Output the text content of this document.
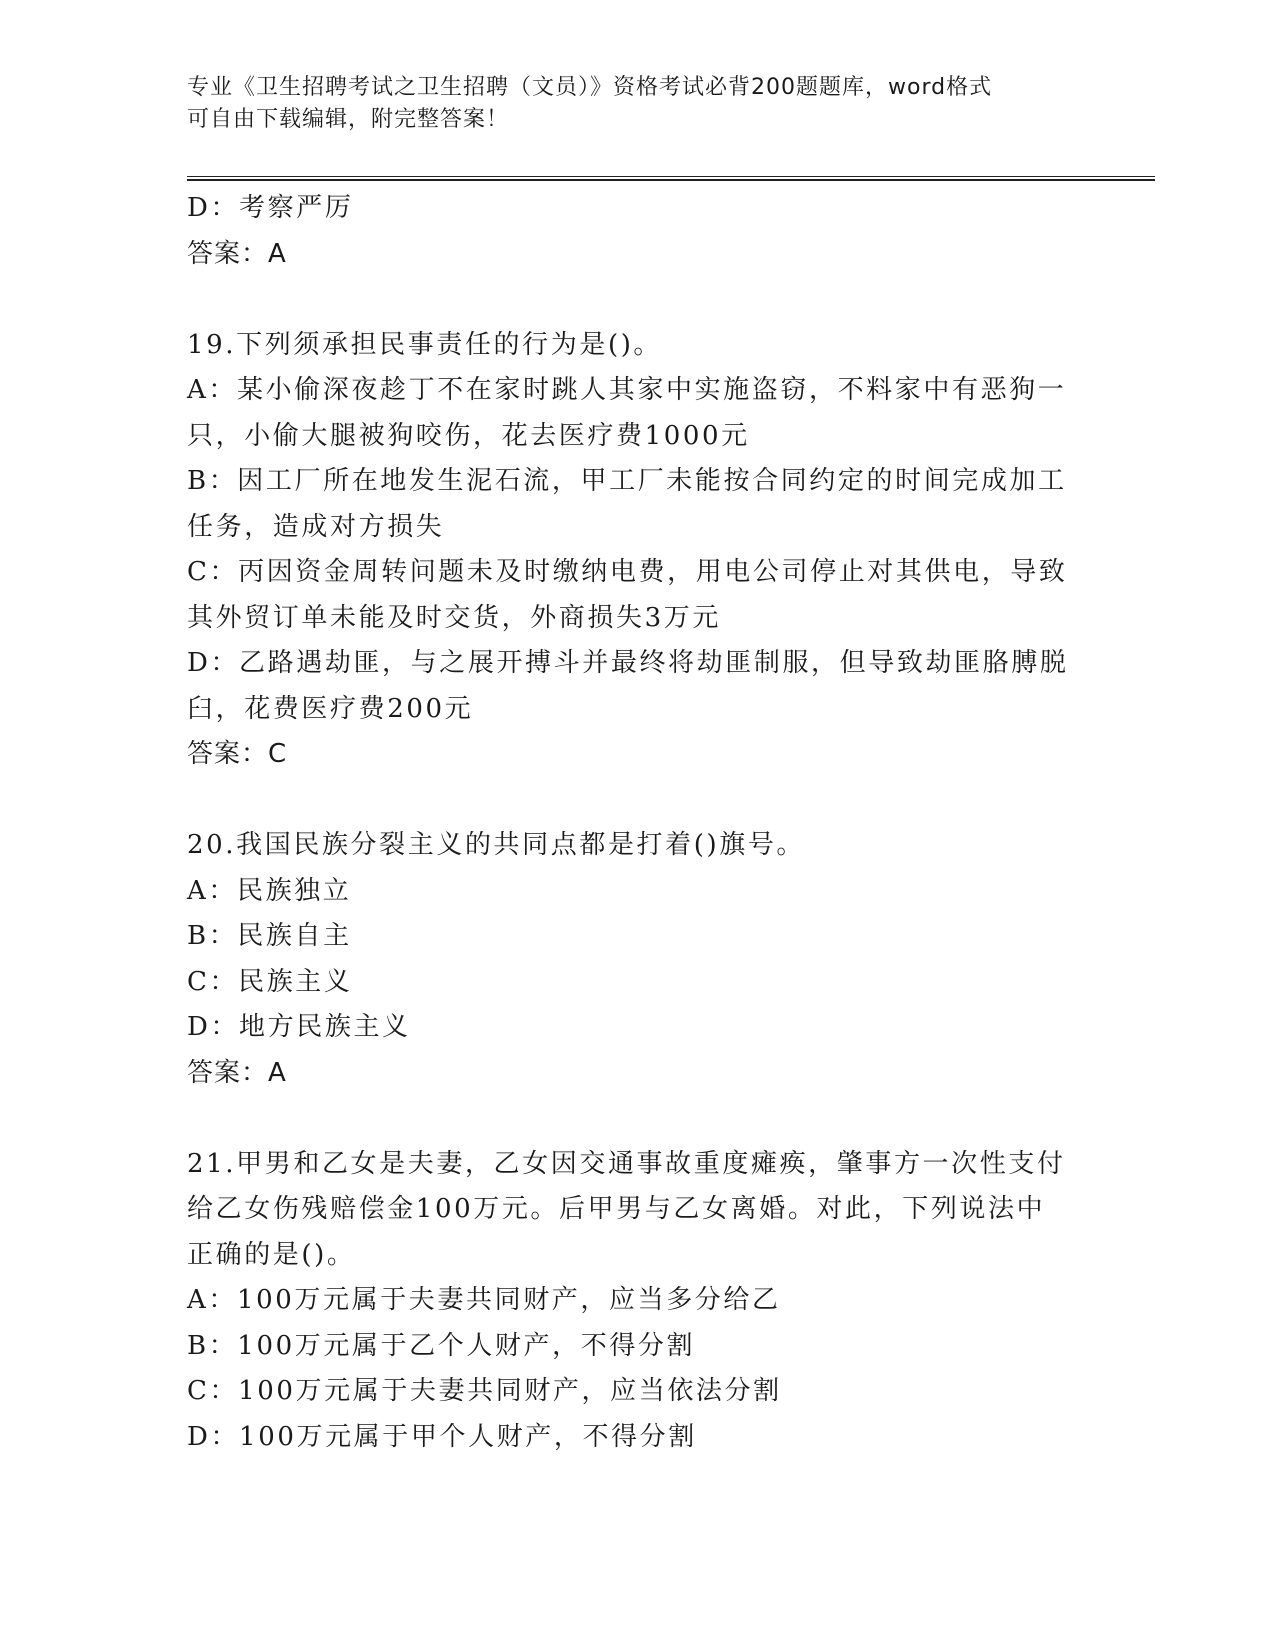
专业《卫生招聘考试之卫生招聘（文员）》资格考试必背200题题库，word格式
可自由下载编辑，附完整答案！
D：考察严厉
答案：A
19.下列须承担民事责任的行为是()。
A：某小偷深夜趁丁不在家时跳人其家中实施盗窃，不料家中有恶狗一
只，小偷大腿被狗咬伤，花去医疗费1000元
B：因工厂所在地发生泥石流，甲工厂未能按合同约定的时间完成加工
任务，造成对方损失
C：丙因资金周转问题未及时缴纳电费，用电公司停止对其供电，导致
其外贸订单未能及时交货，外商损失3万元
D：乙路遇劫匪，与之展开搏斗并最终将劫匪制服，但导致劫匪胳膊脱
臼，花费医疗费200元
答案：C
20.我国民族分裂主义的共同点都是打着()旗号。
A：民族独立
B：民族自主
C：民族主义
D：地方民族主义
答案：A
21.甲男和乙女是夫妻，乙女因交通事故重度瘫痪，肇事方一次性支付
给乙女伤残赔偿金100万元。后甲男与乙女离婚。对此，下列说法中
正确的是()。
A：100万元属于夫妻共同财产，应当多分给乙
B：100万元属于乙个人财产，不得分割
C：100万元属于夫妻共同财产，应当依法分割
D：100万元属于甲个人财产，不得分割
